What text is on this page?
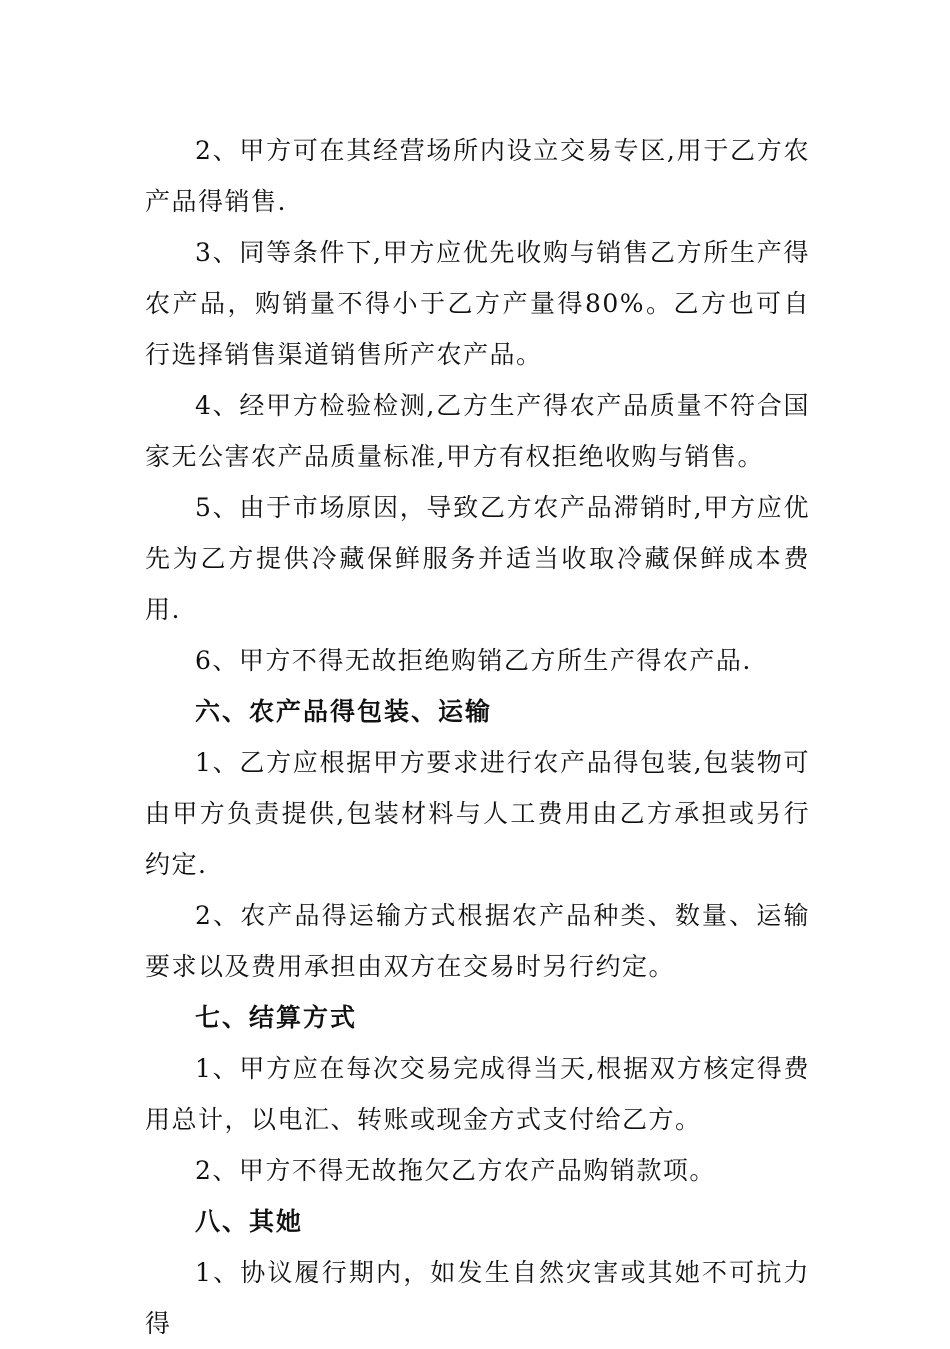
2、甲方可在其经营场所内设立交易专区,用于乙方农产品得销售.

3、同等条件下,甲方应优先收购与销售乙方所生产得农产品，购销量不得小于乙方产量得80%。乙方也可自行选择销售渠道销售所产农产品。

4、经甲方检验检测,乙方生产得农产品质量不符合国家无公害农产品质量标准,甲方有权拒绝收购与销售。

5、由于市场原因，导致乙方农产品滞销时,甲方应优先为乙方提供冷藏保鲜服务并适当收取冷藏保鲜成本费用.

6、甲方不得无故拒绝购销乙方所生产得农产品.

六、农产品得包装、运输

1、乙方应根据甲方要求进行农产品得包装,包装物可由甲方负责提供,包装材料与人工费用由乙方承担或另行约定.

2、农产品得运输方式根据农产品种类、数量、运输要求以及费用承担由双方在交易时另行约定。

七、结算方式

1、甲方应在每次交易完成得当天,根据双方核定得费用总计，以电汇、转账或现金方式支付给乙方。

2、甲方不得无故拖欠乙方农产品购销款项。

八、其她

1、协议履行期内，如发生自然灾害或其她不可抗力得
